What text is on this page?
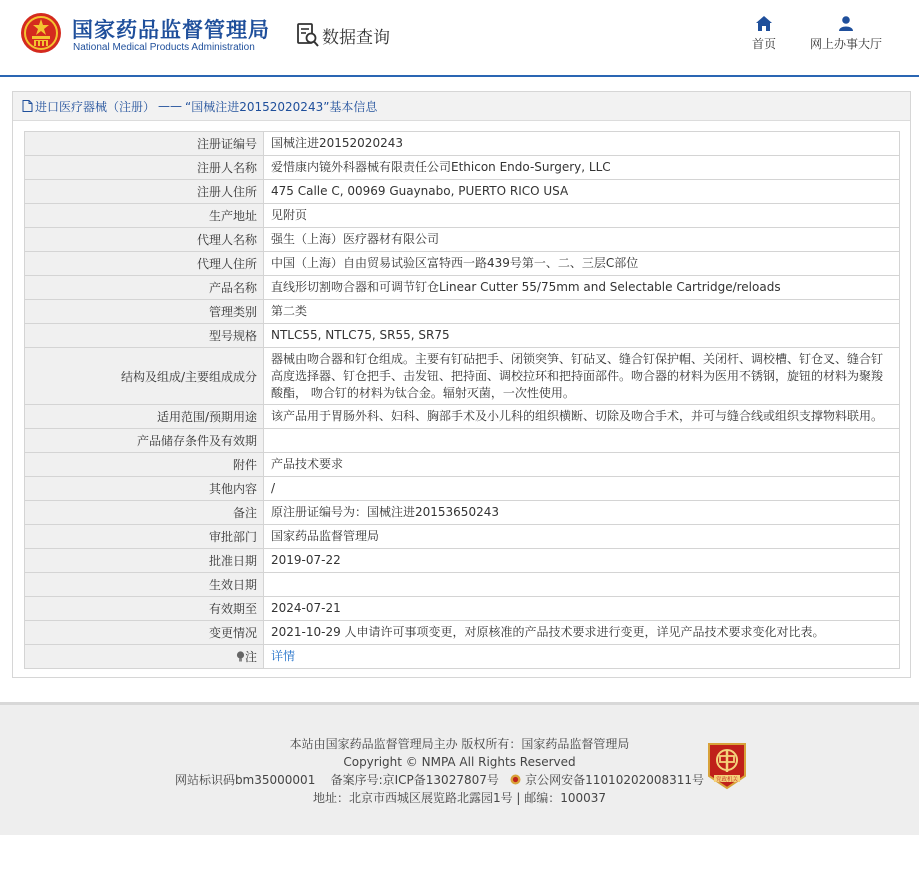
国家药品监督管理局
National Medical Products Administration	数据查询	首页	网上办事大厅
进口医疗器械（注册） —— “国械注进20152020243”基本信息
注册证编号	国械注进20152020243
注册人名称	爱惜康内镜外科器械有限责任公司Ethicon Endo-Surgery, LLC
注册人住所	475 Calle C, 00969 Guaynabo, PUERTO RICO USA
生产地址	见附页
代理人名称	强生（上海）医疗器材有限公司
代理人住所	中国（上海）自由贸易试验区富特西一路439号第一、二、三层C部位
产品名称	直线形切割吻合器和可调节钉仓Linear Cutter 55/75mm and Selectable Cartridge/reloads
管理类别	第二类
型号规格	NTLC55, NTLC75, SR55, SR75
结构及组成/主要组成成分	器械由吻合器和钉仓组成。主要有钉砧把手、闭锁突笋、钉砧叉、缝合钉保护帽、关闭杆、调校槽、钉仓叉、缝合钉高度选择器、钉仓把手、击发钮、把持面、调校拉环和把持面部件。吻合器的材料为医用不锈钢，旋钮的材料为聚羧酸酯， 吻合钉的材料为钛合金。辐射灭菌，一次性使用。
适用范围/预期用途	该产品用于胃肠外科、妇科、胸部手术及小儿科的组织横断、切除及吻合手术，并可与缝合线或组织支撑物料联用。
产品储存条件及有效期	
附件	产品技术要求
其他内容	/
备注	原注册证编号为：国械注进20153650243
审批部门	国家药品监督管理局
批准日期	2019-07-22
生效日期	
有效期至	2024-07-21
变更情况	2021-10-29 人申请许可事项变更，对原核准的产品技术要求进行变更，详见产品技术要求变化对比表。
注	详情
本站由国家药品监督管理局主办 版权所有：国家药品监督管理局
Copyright © NMPA All Rights Reserved
网站标识码bm35000001 备案序号:京ICP备13027807号 京公网安备11010202008311号
地址：北京市西城区展览路北露园1号 | 邮编：100037
党政机关
